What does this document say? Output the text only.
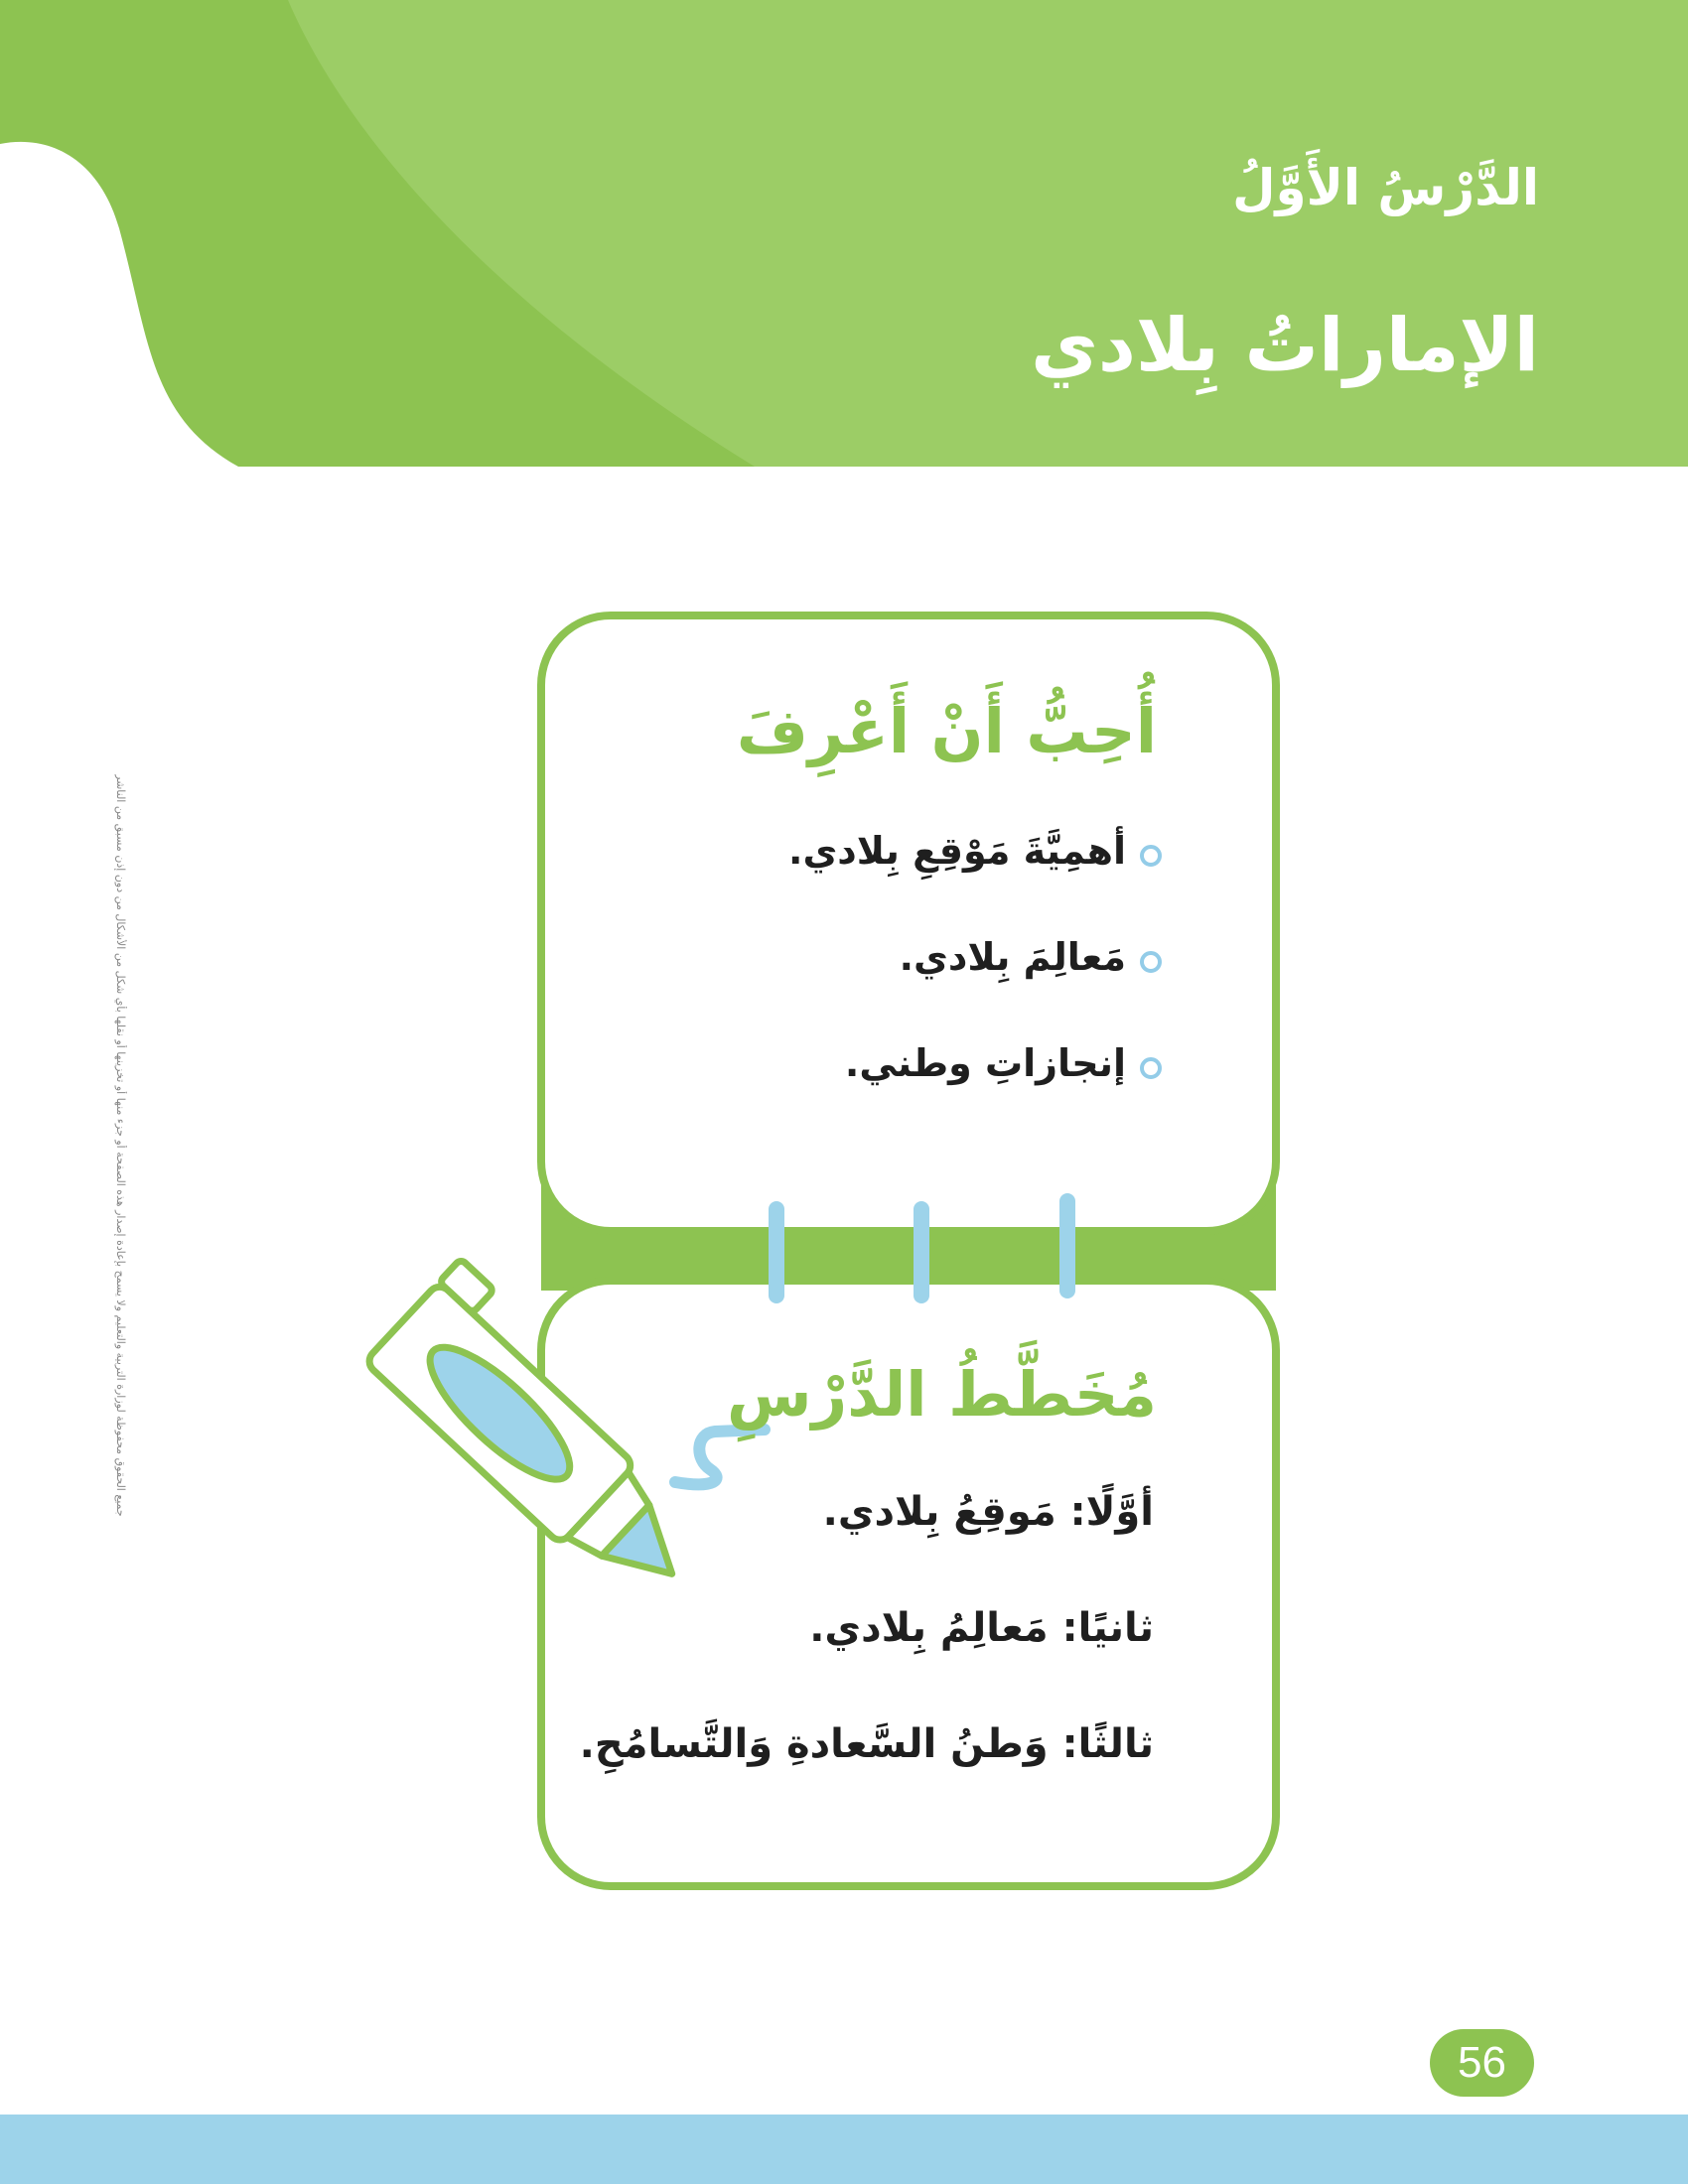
الدَّرْسُ الأَوَّلُ
الإماراتُ بِلادي
أُحِبُّ أَنْ أَعْرِفَ
أهمِيَّةَ مَوْقِعِ بِلادي.
مَعالِمَ بِلادي.
إنجازاتِ وطني.
مُخَطَّطُ الدَّرْسِ
أوَّلًا: مَوقِعُ بِلادي.
ثانيًا: مَعالِمُ بِلادي.
ثالثًا: وَطنُ السَّعادةِ وَالتَّسامُحِ.
جميع الحقوق محفوظة لوزارة التربية والتعليم ولا يسمح بإعادة إصدار هذه الصفحة أو جزء منها أو تخزينها أو نقلها بأي شكل من الأشكال من دون إذن مسبق من الناشر
56
